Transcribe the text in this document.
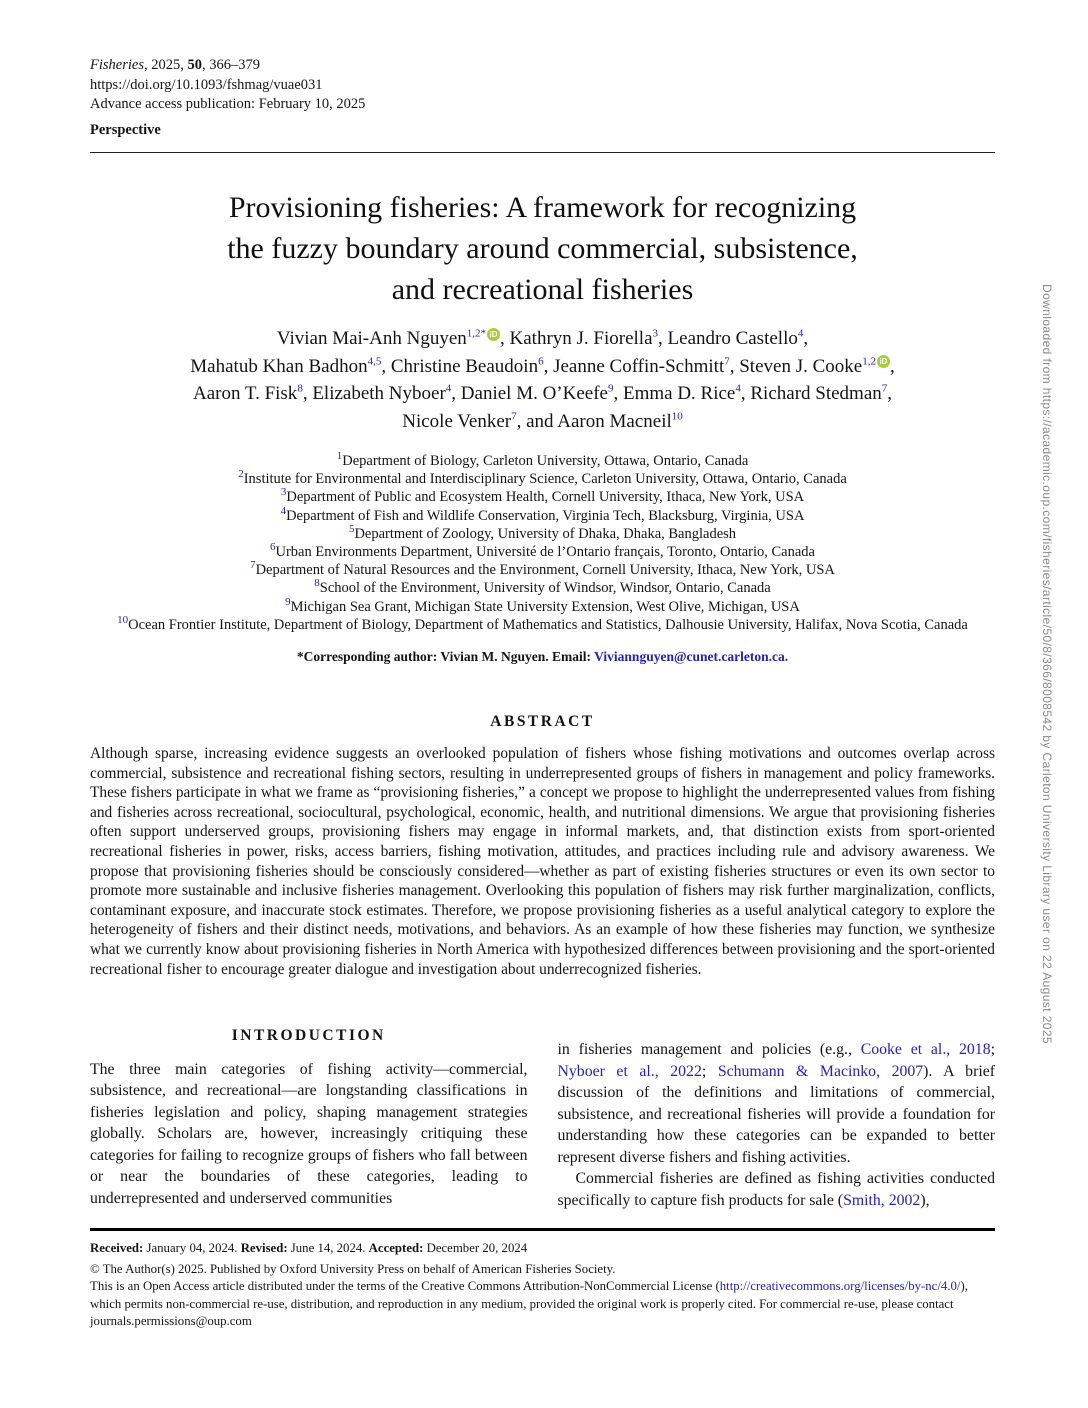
Fisheries, 2025, 50, 366–379
https://doi.org/10.1093/fshmag/vuae031
Advance access publication: February 10, 2025
Perspective
Provisioning fisheries: A framework for recognizing
the fuzzy boundary around commercial, subsistence,
and recreational fisheries
Vivian Mai-Anh Nguyen$^{1,2*}$ iD , Kathryn J. Fiorella$^3$, Leandro Castello$^4$,
Mahatub Khan Badhon$^{4,5}$, Christine Beaudoin$^6$, Jeanne Coffin-Schmitt$^7$, Steven J. Cooke$^{1,2}$ iD ,
Aaron T. Fisk$^8$, Elizabeth Nyboer$^4$, Daniel M. O’Keefe$^9$, Emma D. Rice$^4$, Richard Stedman$^7$,
Nicole Venker$^7$, and Aaron Macneil$^{10}$
$^1$Department of Biology, Carleton University, Ottawa, Ontario, Canada
$^2$Institute for Environmental and Interdisciplinary Science, Carleton University, Ottawa, Ontario, Canada
$^3$Department of Public and Ecosystem Health, Cornell University, Ithaca, New York, USA
$^4$Department of Fish and Wildlife Conservation, Virginia Tech, Blacksburg, Virginia, USA
$^5$Department of Zoology, University of Dhaka, Dhaka, Bangladesh
$^6$Urban Environments Department, Université de l’Ontario français, Toronto, Ontario, Canada
$^7$Department of Natural Resources and the Environment, Cornell University, Ithaca, New York, USA
$^8$School of the Environment, University of Windsor, Windsor, Ontario, Canada
$^9$Michigan Sea Grant, Michigan State University Extension, West Olive, Michigan, USA
$^{10}$Ocean Frontier Institute, Department of Biology, Department of Mathematics and Statistics, Dalhousie University, Halifax, Nova Scotia, Canada
*Corresponding author: Vivian M. Nguyen. Email: Viviannguyen@cunet.carleton.ca.
ABSTRACT
Although sparse, increasing evidence suggests an overlooked population of fishers whose fishing motivations and outcomes overlap across commercial, subsistence and recreational fishing sectors, resulting in underrepresented groups of fishers in management and policy frameworks. These fishers participate in what we frame as “provisioning fisheries,” a concept we propose to highlight the underrepresented values from fishing and fisheries across recreational, sociocultural, psychological, economic, health, and nutritional dimensions. We argue that provisioning fisheries often support underserved groups, provisioning fishers may engage in informal markets, and, that distinction exists from sport-oriented recreational fisheries in power, risks, access barriers, fishing motivation, attitudes, and practices including rule and advisory awareness. We propose that provisioning fisheries should be consciously considered—whether as part of existing fisheries structures or even its own sector to promote more sustainable and inclusive fisheries management. Overlooking this population of fishers may risk further marginalization, conflicts, contaminant exposure, and inaccurate stock estimates. Therefore, we propose provisioning fisheries as a useful analytical category to explore the heterogeneity of fishers and their distinct needs, motivations, and behaviors. As an example of how these fisheries may function, we synthesize what we currently know about provisioning fisheries in North America with hypothesized differences between provisioning and the sport-oriented recreational fisher to encourage greater dialogue and investigation about underrecognized fisheries.
INTRODUCTION

The three main categories of fishing activity—commercial, subsistence, and recreational—are longstanding classifications in fisheries legislation and policy, shaping management strategies globally. Scholars are, however, increasingly critiquing these categories for failing to recognize groups of fishers who fall between or near the boundaries of these categories, leading to underrepresented and underserved communities

in fisheries management and policies (e.g., Cooke et al., 2018; Nyboer et al., 2022; Schumann & Macinko, 2007). A brief discussion of the definitions and limitations of commercial, subsistence, and recreational fisheries will provide a foundation for understanding how these categories can be expanded to better represent diverse fishers and fishing activities.

Commercial fisheries are defined as fishing activities conducted specifically to capture fish products for sale (Smith, 2002),

Received: January 04, 2024. Revised: June 14, 2024. Accepted: December 20, 2024
© The Author(s) 2025. Published by Oxford University Press on behalf of American Fisheries Society.
This is an Open Access article distributed under the terms of the Creative Commons Attribution-NonCommercial License (http://creativecommons.org/licenses/by-nc/4.0/), which permits non-commercial re-use, distribution, and reproduction in any medium, provided the original work is properly cited. For commercial re-use, please contact journals.permissions@oup.com
Downloaded from https://academic.oup.com/fisheries/article/50/8/366/8008542 by Carleton University Library user on 22 August 2025
